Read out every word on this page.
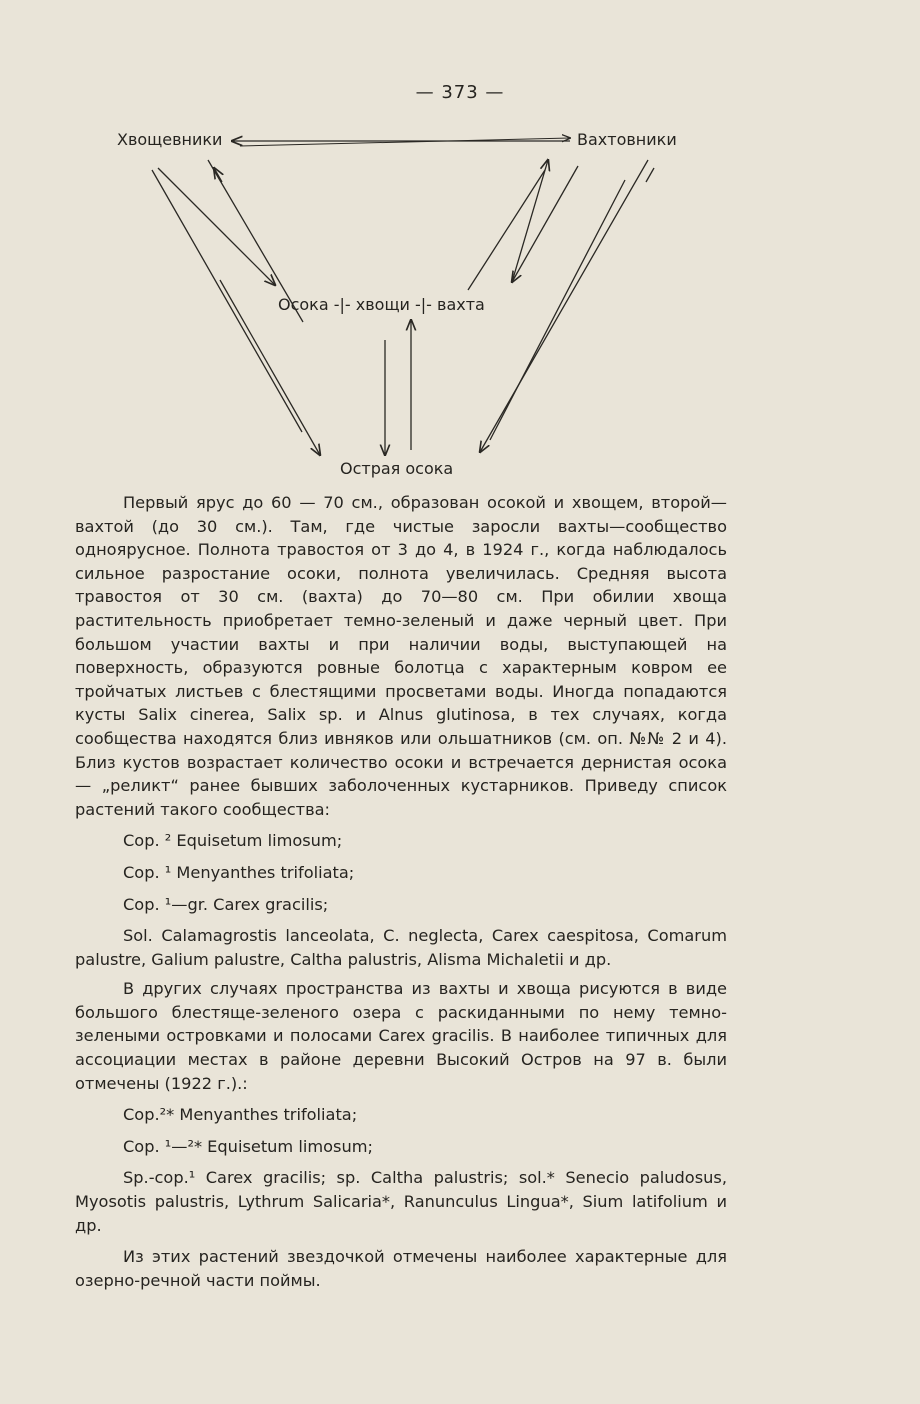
— 373 —
Хвощевники	Вахтовники
Осока -|- хвощи -|- вахта
Острая осока

Первый ярус до 60 — 70 см., образован осокой и хвощем, второй—вахтой (до 30 см.). Там, где чистые заросли вахты—сообщество одноярусное. Полнота травостоя от 3 до 4, в 1924 г., когда наблюдалось сильное разростание осоки, полнота увеличилась. Средняя высота травостоя от 30 см. (вахта) до 70—80 см. При обилии хвоща растительность приобретает темно-зеленый и даже черный цвет. При большом участии вахты и при наличии воды, выступающей на поверхность, образуются ровные болотца с характерным ковром ее тройчатых листьев с блестящими просветами воды. Иногда попадаются кусты Salix cinerea, Salix sp. и Alnus glutinosa, в тех случаях, когда сообщества находятся близ ивняков или ольшатников (см. оп. №№ 2 и 4). Близ кустов возрастает количество осоки и встречается дернистая осока — „реликт“ ранее бывших заболоченных кустарников. Приведу список растений такого сообщества:

Cop. ² Equisetum limosum;

Cop. ¹ Menyanthes trifoliata;

Cop. ¹—gr. Carex gracilis;

Sol. Calamagrostis lanceolata, C. neglecta, Carex caespitosa, Comarum palustre, Galium palustre, Caltha palustris, Alisma Michaletii и др.

В других случаях пространства из вахты и хвоща рисуются в виде большого блестяще-зеленого озера с раскиданными по нему темно-зелеными островками и полосами Carex gracilis. В наиболее типичных для ассоциации местах в районе деревни Высокий Остров на 97 в. были отмечены (1922 г.).:

Cop.²* Menyanthes trifoliata;

Cop. ¹—²* Equisetum limosum;

Sp.-cop.¹ Carex gracilis; sp. Caltha palustris; sol.* Senecio paludosus, Myosotis palustris, Lythrum Salicaria*, Ranunculus Lingua*, Sium latifolium и др.

Из этих растений звездочкой отмечены наиболее характерные для озерно-речной части поймы.
